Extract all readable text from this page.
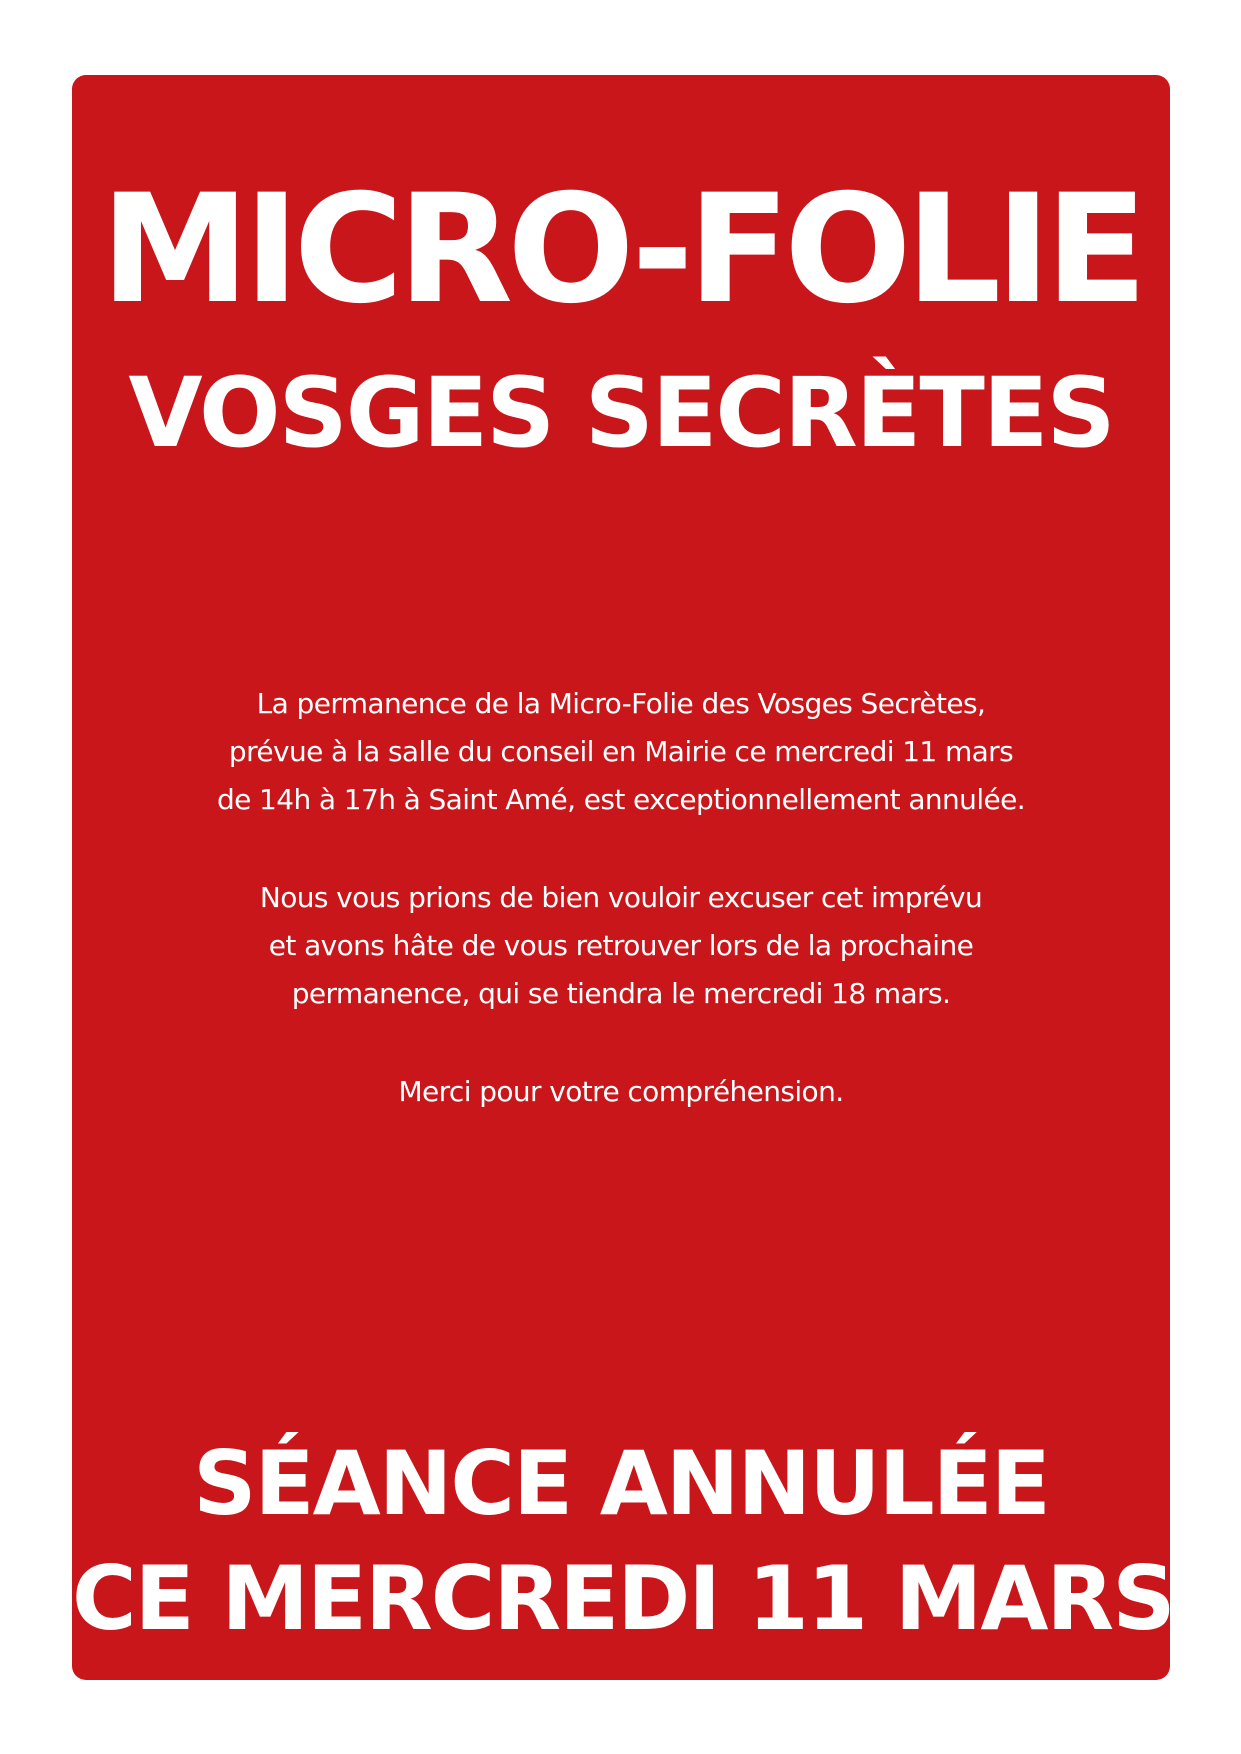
MICRO-FOLIE
VOSGES SECRÈTES

La permanence de la Micro-Folie des Vosges Secrètes,
prévue à la salle du conseil en Mairie ce mercredi 11 mars
de 14h à 17h à Saint Amé, est exceptionnellement annulée.

Nous vous prions de bien vouloir excuser cet imprévu
et avons hâte de vous retrouver lors de la prochaine
permanence, qui se tiendra le mercredi 18 mars.

Merci pour votre compréhension.

SÉANCE ANNULÉE
CE MERCREDI 11 MARS
